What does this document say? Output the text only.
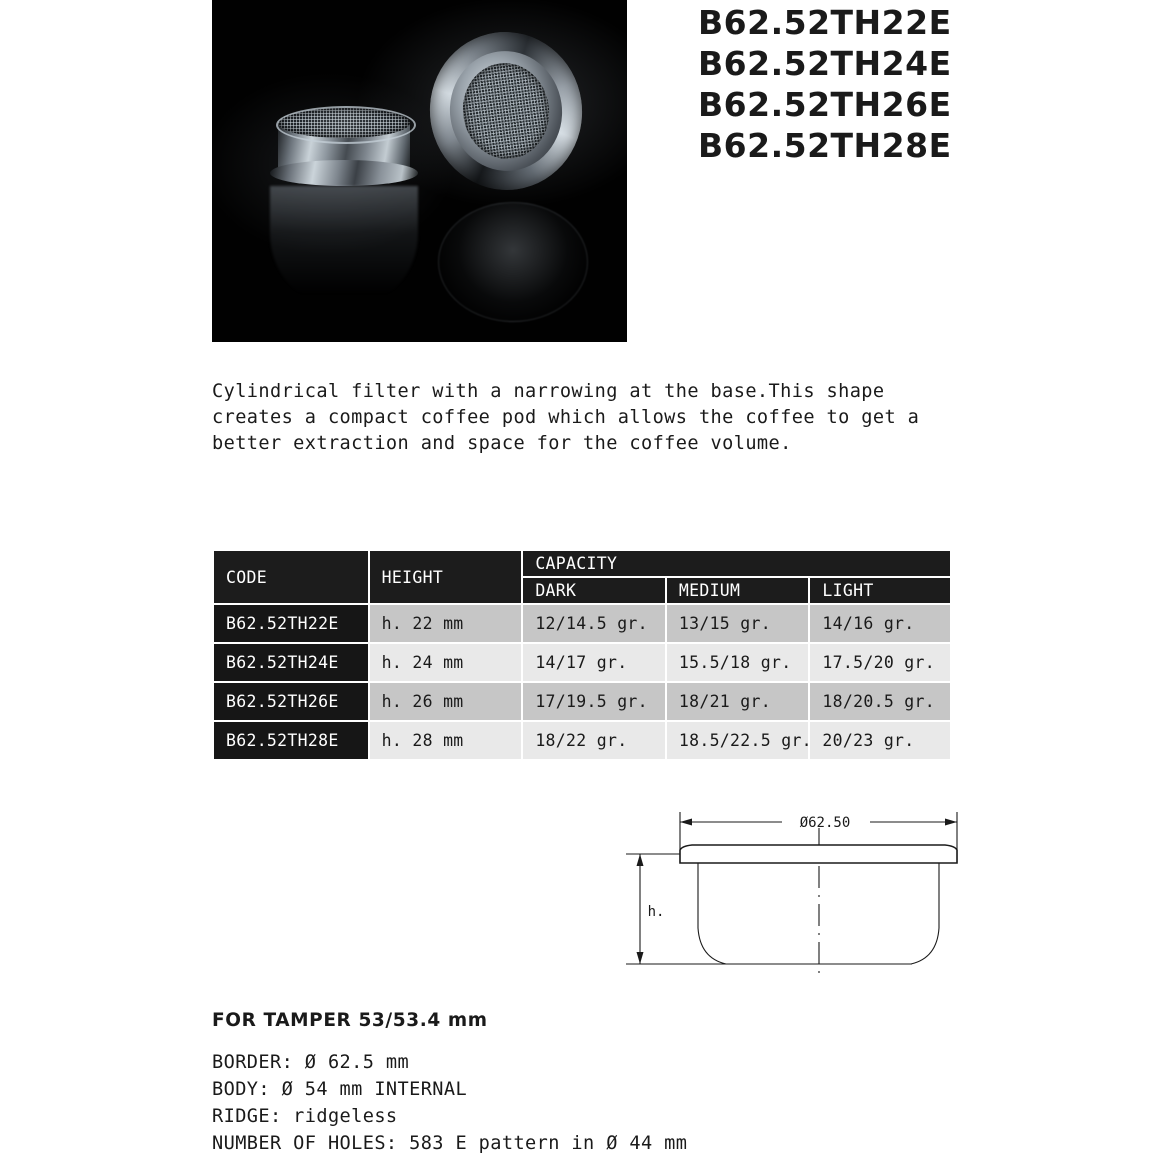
B62.52TH22E
B62.52TH24E
B62.52TH26E
B62.52TH28E
Cylindrical filter with a narrowing at the base.This shape creates a compact coffee pod which allows the coffee to get a better extraction and space for the coffee volume.
CODE	HEIGHT	CAPACITY		
		DARK	MEDIUM	LIGHT
B62.52TH22E	h. 22 mm	12/14.5 gr.	13/15 gr.	14/16 gr.
B62.52TH24E	h. 24 mm	14/17 gr.	15.5/18 gr.	17.5/20 gr.
B62.52TH26E	h. 26 mm	17/19.5 gr.	18/21 gr.	18/20.5 gr.
B62.52TH28E	h. 28 mm	18/22 gr.	18.5/22.5 gr.	20/23 gr.
Ø62.50
h.
FOR TAMPER 53/53.4 mm
BORDER: Ø 62.5 mm
BODY: Ø 54 mm INTERNAL
RIDGE: ridgeless
NUMBER OF HOLES: 583 E pattern in Ø 44 mm
